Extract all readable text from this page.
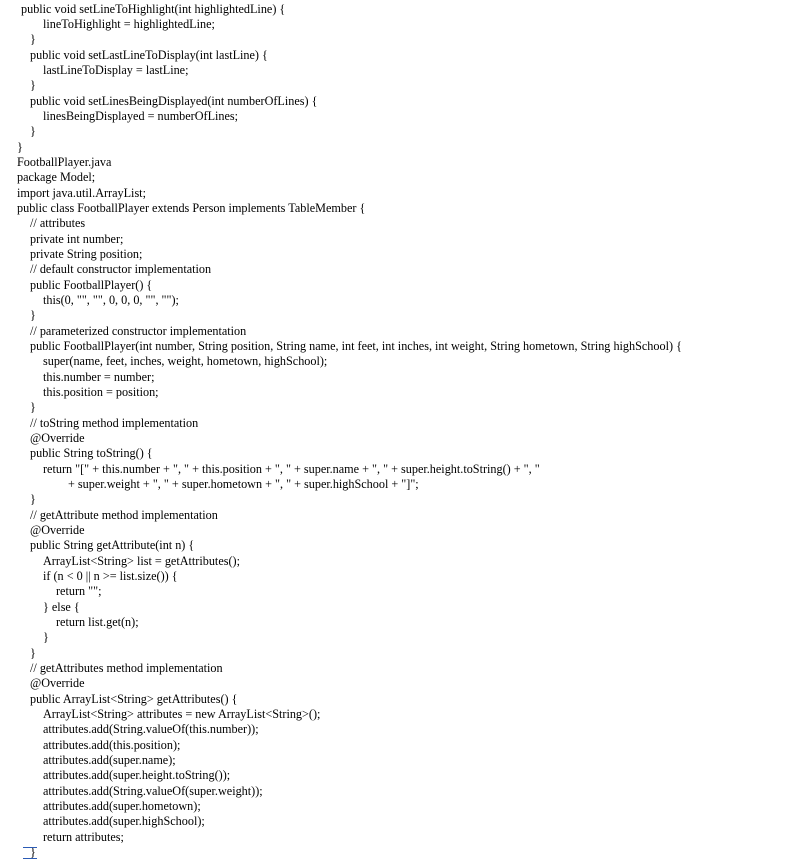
public void setLineToHighlight(int highlightedLine) {
lineToHighlight = highlightedLine;
}
public void setLastLineToDisplay(int lastLine) {
lastLineToDisplay = lastLine;
}
public void setLinesBeingDisplayed(int numberOfLines) {
linesBeingDisplayed = numberOfLines;
}
}
FootballPlayer.java
package Model;
import java.util.ArrayList;
public class FootballPlayer extends Person implements TableMember {
// attributes
private int number;
private String position;
// default constructor implementation
public FootballPlayer() {
this(0, "", "", 0, 0, 0, "", "");
}
// parameterized constructor implementation
public FootballPlayer(int number, String position, String name, int feet, int inches, int weight, String hometown, String highSchool) {
super(name, feet, inches, weight, hometown, highSchool);
this.number = number;
this.position = position;
}
// toString method implementation
@Override
public String toString() {
return "[" + this.number + ", " + this.position + ", " + super.name + ", " + super.height.toString() + ", "
+ super.weight + ", " + super.hometown + ", " + super.highSchool + "]";
}
// getAttribute method implementation
@Override
public String getAttribute(int n) {
ArrayList<String> list = getAttributes();
if (n < 0 || n >= list.size()) {
return "";
} else {
return list.get(n);
}
}
// getAttributes method implementation
@Override
public ArrayList<String> getAttributes() {
ArrayList<String> attributes = new ArrayList<String>();
attributes.add(String.valueOf(this.number));
attributes.add(this.position);
attributes.add(super.name);
attributes.add(super.height.toString());
attributes.add(String.valueOf(super.weight));
attributes.add(super.hometown);
attributes.add(super.highSchool);
return attributes;
}
